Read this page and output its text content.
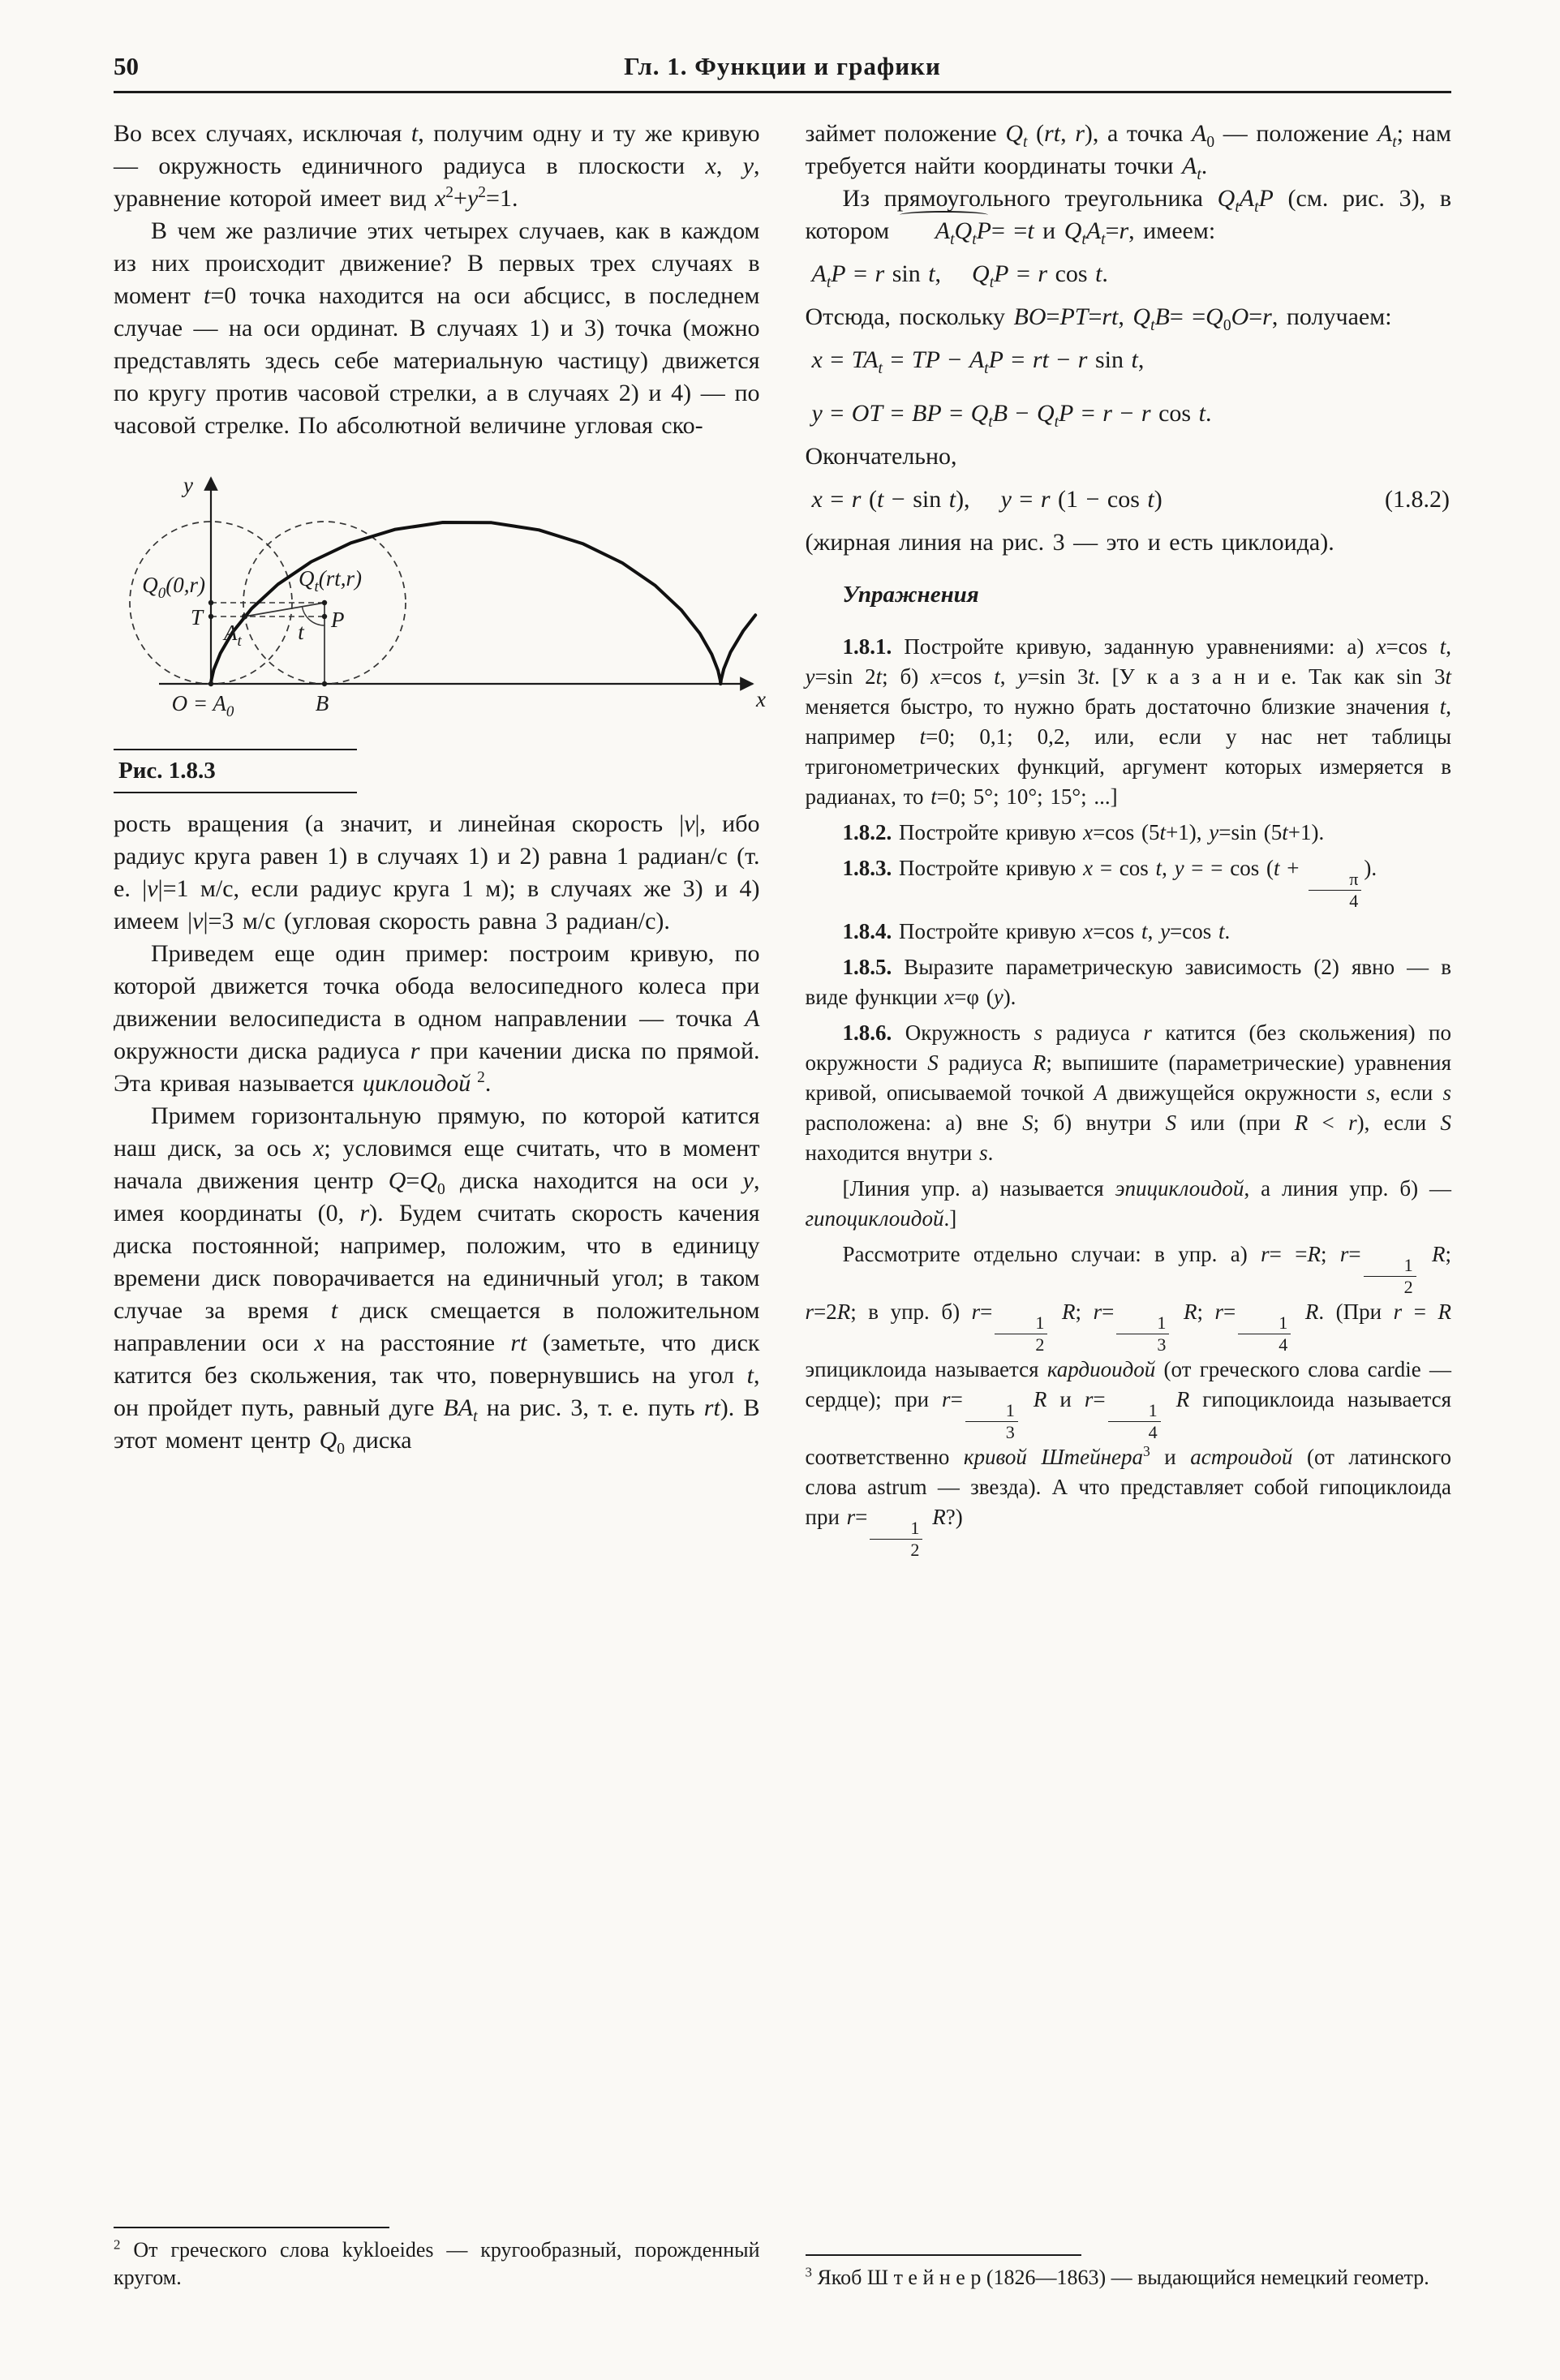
50	Гл. 1. Функции и графики

Во всех случаях, исключая t, получим одну и ту же кривую — окружность единичного радиуса в плоскости x, y, уравнение которой имеет вид $x^2+y^2=1$.

В чем же различие этих четырех случаев, как в каждом из них происходит движение? В первых трех случаях в момент t=0 точка находится на оси абсцисс, в последнем случае — на оси ординат. В случаях 1) и 3) точка (можно представлять здесь себе материальную частицу) движется по кругу против часовой стрелки, а в случаях 2) и 4) — по часовой стрелке. По абсолютной величине угловая ско-

y
x
$O = A_0$	B
$Q_0(0,r)$	$Q_t(rt,r)$
T
$A_t$
P
t
Рис. 1.8.3

рость вращения (а значит, и линейная скорость |v|, ибо радиус круга равен 1) в случаях 1) и 2) равна 1 радиан/с (т. е. |v|=1 м/с, если радиус круга 1 м); в случаях же 3) и 4) имеем |v|=3 м/с (угловая скорость равна 3 радиан/с).

Приведем еще один пример: построим кривую, по которой движется точка обода велосипедного колеса при движении велосипедиста в одном направлении — точка A окружности диска радиуса r при качении диска по прямой. Эта кривая называется циклоидой $^2$.

Примем горизонтальную прямую, по которой катится наш диск, за ось x; условимся еще считать, что в момент начала движения центр $Q=Q_0$ диска находится на оси y, имея координаты (0, r). Будем считать скорость качения диска постоянной; например, положим, что в единицу времени диск поворачивается на единичный угол; в таком случае за время t диск смещается в положительном направлении оси x на расстояние rt (заметьте, что диск катится без скольжения, так что, повернувшись на угол t, он пройдет путь, равный дуге $BA_t$ на рис. 3, т. е. путь rt). В этот момент центр $Q_0$ диска

$^2$ От греческого слова kykloeides — кругообразный, порожденный кругом.

займет положение $Q_t$ (rt, r), а точка $A_0$ — положение $A_t$; нам требуется найти координаты точки $A_t$.

Из прямоугольного треугольника $Q_tA_tP$ (см. рис. 3), в котором $A_tQ_tP= =t$ и $Q_tA_t=r$, имеем:

$A_tP = r$ sin t,    $Q_tP = r$ cos t.

Отсюда, поскольку BO=PT=rt, $Q_tB= =Q_0O=r$, получаем:

$x = TA_t$ = TP − $A_tP$ = rt − r sin t,
y = OT = BP = $Q_tB - Q_tP = r - r$ cos t.

Окончательно,

x = r (t − sin t),    y = r (1 − cos t)	(1.8.2)

(жирная линия на рис. 3 — это и есть циклоида).

Упражнения

1.8.1. Постройте кривую, заданную уравнениями: а) x=cos t, y=sin 2t; б) x=cos t, y=sin 3t. [У к а з а н и е. Так как sin 3t меняется быстро, то нужно брать достаточно близкие значения t, например t=0; 0,1; 0,2, или, если у нас нет таблицы тригонометрических функций, аргумент которых измеряется в радианах, то t=0; 5°; 10°; 15°; ...]

1.8.2. Постройте кривую x=cos (5t+1), y=sin (5t+1).

1.8.3. Постройте кривую x = cos t, y = = cos (t +
$\frac{\pi}{4}$
).

1.8.4. Постройте кривую x=cos t, y=cos t.

1.8.5. Выразите параметрическую зависимость (2) явно — в виде функции x=φ (y).

1.8.6. Окружность s радиуса r катится (без скольжения) по окружности S радиуса R; выпишите (параметрические) уравнения кривой, описываемой точкой A движущейся окружности s, если s расположена: а) вне S; б) внутри S или (при R < r), если S находится внутри s.

[Линия упр. а) называется эпициклоидой, а линия упр. б) — гипоциклоидой.]

Рассмотрите отдельно случаи: в упр. а) r= =R; r=
$\frac{1}{2}$
R; r=2R; в упр. б) r=
$\frac{1}{2}$
R; r=
$\frac{1}{3}$
R; r=
$\frac{1}{4}$
R. (При r = R эпициклоида называется кардиоидой (от греческого слова cardie — сердце); при r=
$\frac{1}{3}$
R и r=
$\frac{1}{4}$
R гипоциклоида называется соответственно кривой Штейнера$^3$ и астроидой (от латинского слова astrum — звезда). А что представляет собой гипоциклоида при r=
$\frac{1}{2}$
R?)

$^3$ Якоб Ш т е й н е р (1826—1863) — выдающийся немецкий геометр.
